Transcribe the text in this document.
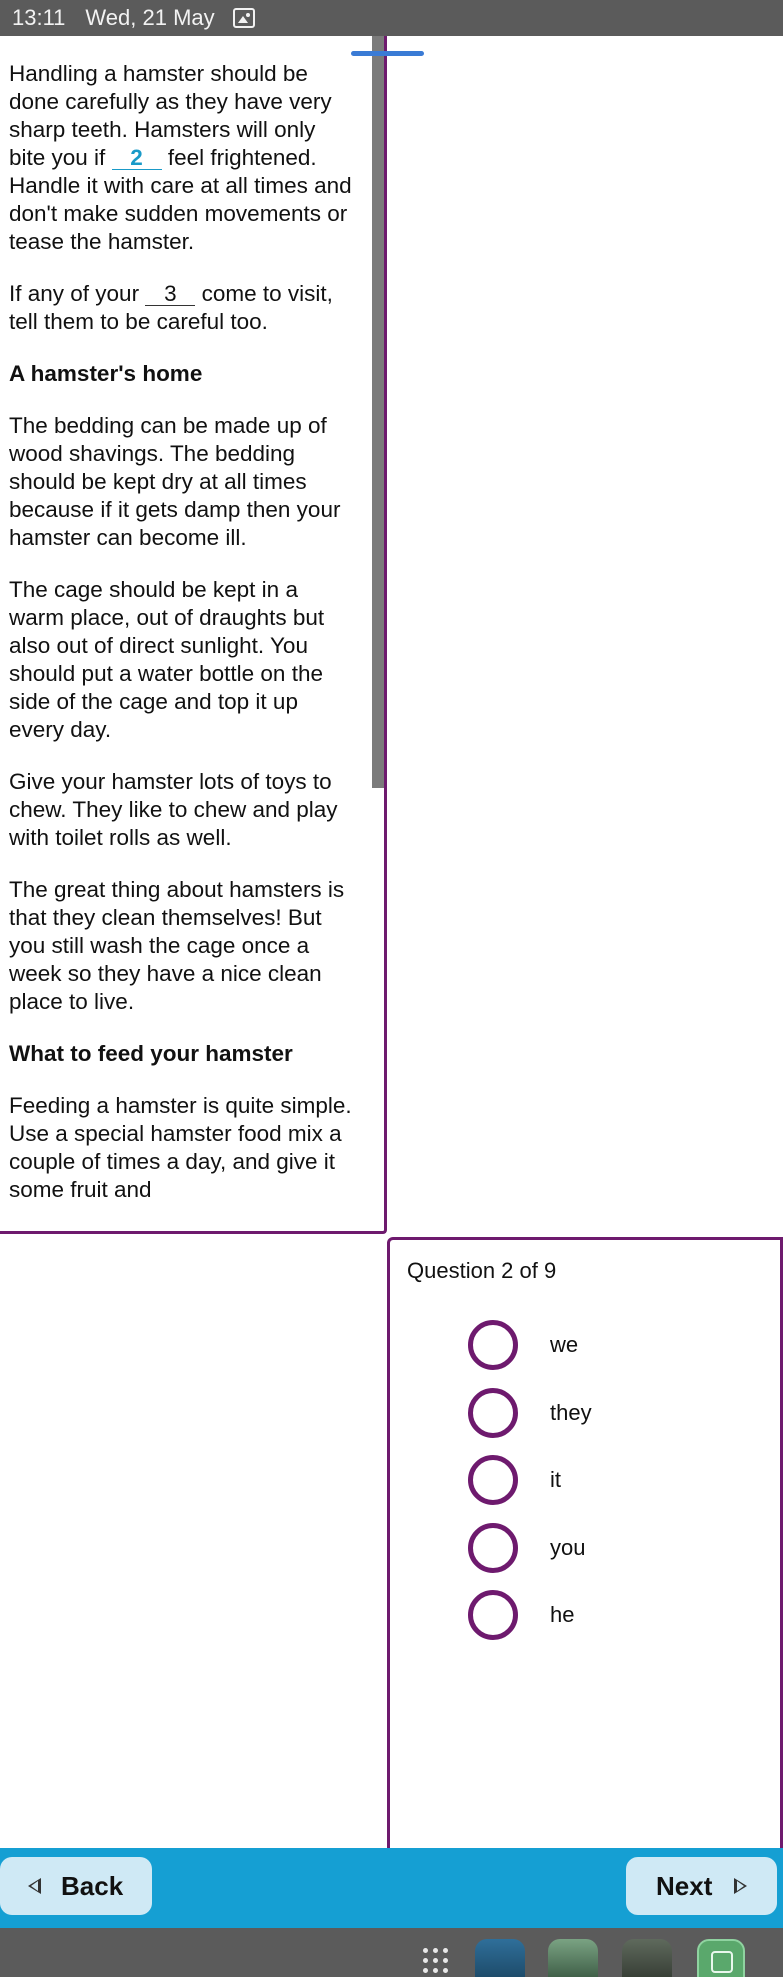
13:11 Wed, 21 May

Handling a hamster should be done carefully as they have very sharp teeth. Hamsters will only bite you if 2 feel frightened. Handle it with care at all times and don't make sudden movements or tease the hamster.

If any of your 3 come to visit, tell them to be careful too.

A hamster's home

The bedding can be made up of wood shavings. The bedding should be kept dry at all times because if it gets damp then your hamster can become ill.

The cage should be kept in a warm place, out of draughts but also out of direct sunlight. You should put a water bottle on the side of the cage and top it up every day.

Give your hamster lots of toys to chew. They like to chew and play with toilet rolls as well.

The great thing about hamsters is that they clean themselves! But you still wash the cage once a week so they have a nice clean place to live.

What to feed your hamster

Feeding a hamster is quite simple. Use a special hamster food mix a couple of times a day, and give it some fruit and

Question 2 of 9
we
they
it
you
he
Back	Next
